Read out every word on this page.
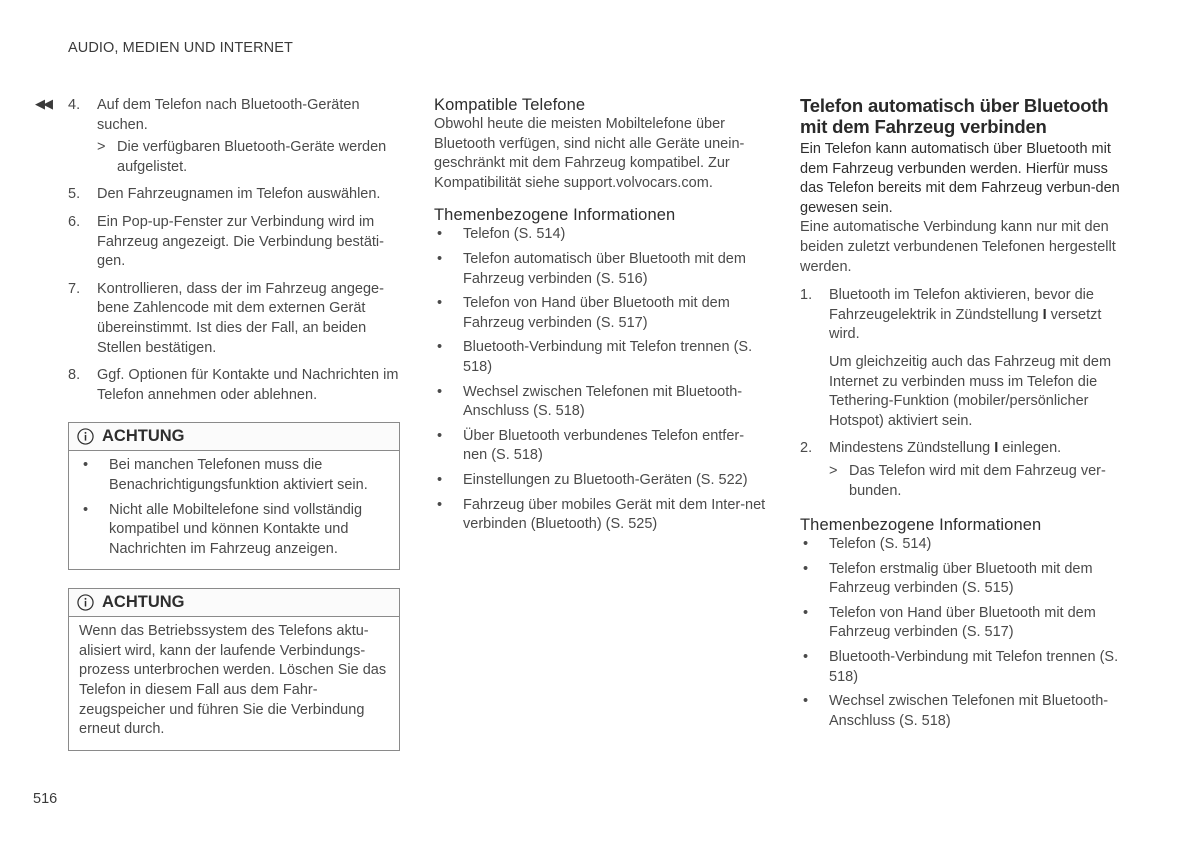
AUDIO, MEDIEN UND INTERNET
◀◀ 4. Auf dem Telefon nach Bluetooth-Geräten suchen.
> Die verfügbaren Bluetooth-Geräte werden aufgelistet.
5. Den Fahrzeugnamen im Telefon auswählen.
6. Ein Pop-up-Fenster zur Verbindung wird im Fahrzeug angezeigt. Die Verbindung bestäti-gen.
7. Kontrollieren, dass der im Fahrzeug angege-bene Zahlencode mit dem externen Gerät übereinstimmt. Ist dies der Fall, an beiden Stellen bestätigen.
8. Ggf. Optionen für Kontakte und Nachrichten im Telefon annehmen oder ablehnen.
ACHTUNG
• Bei manchen Telefonen muss die Benachrichtigungsfunktion aktiviert sein.
• Nicht alle Mobiltelefone sind vollständig kompatibel und können Kontakte und Nachrichten im Fahrzeug anzeigen.
ACHTUNG

Wenn das Betriebssystem des Telefons aktu-alisiert wird, kann der laufende Verbindungs-prozess unterbrochen werden. Löschen Sie das Telefon in diesem Fall aus dem Fahr-zeugspeicher und führen Sie die Verbindung erneut durch.

Kompatible Telefone

Obwohl heute die meisten Mobiltelefone über Bluetooth verfügen, sind nicht alle Geräte unein-geschränkt mit dem Fahrzeug kompatibel. Zur Kompatibilität siehe support.volvocars.com.

Themenbezogene Informationen
• Telefon (S. 514)
• Telefon automatisch über Bluetooth mit dem Fahrzeug verbinden (S. 516)
• Telefon von Hand über Bluetooth mit dem Fahrzeug verbinden (S. 517)
• Bluetooth-Verbindung mit Telefon trennen (S. 518)
• Wechsel zwischen Telefonen mit Bluetooth-Anschluss (S. 518)
• Über Bluetooth verbundenes Telefon entfer-nen (S. 518)
• Einstellungen zu Bluetooth-Geräten (S. 522)
• Fahrzeug über mobiles Gerät mit dem Inter-net verbinden (Bluetooth) (S. 525)
Telefon automatisch über Bluetooth mit dem Fahrzeug verbinden

Ein Telefon kann automatisch über Bluetooth mit dem Fahrzeug verbunden werden. Hierfür muss das Telefon bereits mit dem Fahrzeug verbun-den gewesen sein.

Eine automatische Verbindung kann nur mit den beiden zuletzt verbundenen Telefonen hergestellt werden.

1. Bluetooth im Telefon aktivieren, bevor die Fahrzeugelektrik in Zündstellung I versetzt wird.

Um gleichzeitig auch das Fahrzeug mit dem Internet zu verbinden muss im Telefon die Tethering-Funktion (mobiler/persönlicher Hotspot) aktiviert sein.

2. Mindestens Zündstellung I einlegen.
> Das Telefon wird mit dem Fahrzeug ver-bunden.
Themenbezogene Informationen
• Telefon (S. 514)
• Telefon erstmalig über Bluetooth mit dem Fahrzeug verbinden (S. 515)
• Telefon von Hand über Bluetooth mit dem Fahrzeug verbinden (S. 517)
• Bluetooth-Verbindung mit Telefon trennen (S. 518)
• Wechsel zwischen Telefonen mit Bluetooth-Anschluss (S. 518)
516
